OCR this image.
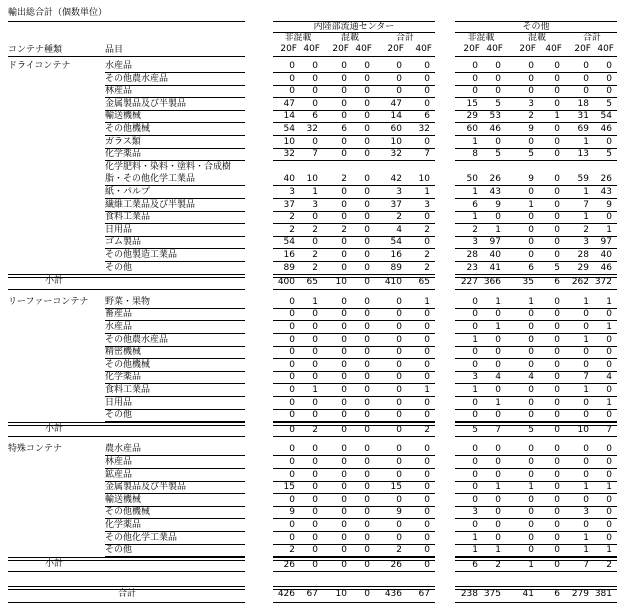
輸出総合計（個数単位）
内陸部流通センター	その他
非混載	混載	合計
20F 40F	20F 40F	20F	40F
非混載	混載	合計
20F 40F	20F	40F	20F 40F
コンテナ種類	品目
ドライコンテナ	水産品	0	0	0	0	0	0	0	0	0	0	0	0
その他農水産品	0	0	0	0	0	0	0	0	0	0	0	0
林産品	0	0	0	0	0	0	0	0	0	0	0	0
金属製品及び半製品	47	0	0	0	47	0	15	5	3	0	18	5
輸送機械	14	6	0	0	14	6	29	53	2	1	31	54
その他機械	54	32	6	0	60	32	60	46	9	0	69	46
ガラス類	10	0	0	0	10	0	1	0	0	0	1	0
化学薬品	32	7	0	0	32	7	8	5	5	0	13	5
化学肥料・染料・塗料・合成樹
脂・その他化学工業品	40	10	2	0	42	10	50	26	9	0	59	26
紙・パルプ	3	1	0	0	3	1	1	43	0	0	1	43
繊維工業品及び半製品	37	3	0	0	37	3	6	9	1	0	7	9
食料工業品	2	0	0	0	2	0	1	0	0	0	1	0
日用品	2	2	2	0	4	2	2	1	0	0	2	1
ゴム製品	54	0	0	0	54	0	3	97	0	0	3	97
その他製造工業品	16	2	0	0	16	2	28	40	0	0	28	40
その他	89	2	0	0	89	2	23	41	6	5	29	46
小計	400	65	10	0	410	65	227 366	35	6	262 372
リーファーコンテナ 野菜・果物	0	1	0	0	0	1	0	1	1	0	1	1
畜産品	0	0	0	0	0	0	0	0	0	0	0	0
水産品	0	0	0	0	0	0	0	1	0	0	0	1
その他農水産品	0	0	0	0	0	0	1	0	0	0	1	0
精密機械	0	0	0	0	0	0	0	0	0	0	0	0
その他機械	0	0	0	0	0	0	0	0	0	0	0	0
化学薬品	0	0	0	0	0	0	3	4	4	0	7	4
食料工業品	0	1	0	0	0	1	1	0	0	0	1	0
日用品	0	0	0	0	0	0	0	1	0	0	0	1
その他	0	0	0	0	0	0	0	0	0	0	0	0
小計	0	2	0	0	0	2	5	7	5	0	10	7
特殊コンテナ	農水産品	0	0	0	0	0	0	0	0	0	0	0	0
林産品	0	0	0	0	0	0	0	0	0	0	0	0
鉱産品	0	0	0	0	0	0	0	0	0	0	0	0
金属製品及び半製品	15	0	0	0	15	0	0	1	1	0	1	1
輸送機械	0	0	0	0	0	0	0	0	0	0	0	0
その他機械	9	0	0	0	9	0	3	0	0	0	3	0
化学薬品	0	0	0	0	0	0	0	0	0	0	0	0
その他化学工業品	0	0	0	0	0	0	1	0	0	0	1	0
その他	2	0	0	0	2	0	1	1	0	0	1	1
小計	26	0	0	0	26	0	6	2	1	0	7	2
合計	426	67	10	0	436	67	238 375	41	6	279 381
